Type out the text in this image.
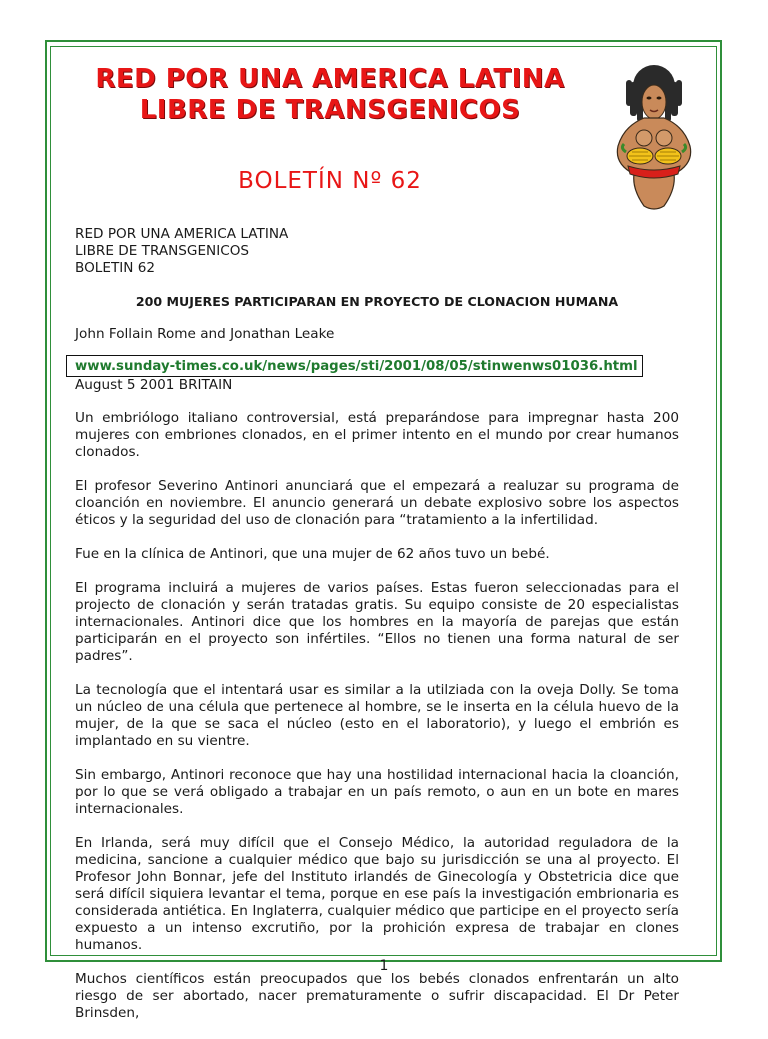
RED POR UNA AMERICA LATINA
LIBRE DE TRANSGENICOS
BOLETÍN Nº 62
RED POR UNA AMERICA LATINA
LIBRE DE TRANSGENICOS
BOLETIN 62
200 MUJERES PARTICIPARAN EN PROYECTO DE CLONACION HUMANA
John Follain Rome and Jonathan Leake
www.sunday-times.co.uk/news/pages/sti/2001/08/05/stinwenws01036.html
August 5 2001 BRITAIN

Un embriólogo italiano controversial, está preparándose para impregnar hasta 200 mujeres con embriones clonados, en el primer intento en el mundo por crear humanos clonados.

El profesor Severino Antinori anunciará que el empezará a realuzar su programa de cloanción en noviembre. El anuncio generará un debate explosivo sobre los aspectos éticos y la seguridad del uso de clonación para “tratamiento a la infertilidad.

Fue en la clínica de Antinori, que una mujer de 62 años tuvo un bebé.

El programa incluirá a mujeres de varios países. Estas fueron seleccionadas para el projecto de clonación y serán tratadas gratis. Su equipo consiste de 20 especialistas internacionales. Antinori dice que los hombres en la mayoría de parejas que están participarán en el proyecto son infértiles. “Ellos no tienen una forma natural de ser padres”.

La tecnología que el intentará usar es similar a la utilziada con la oveja Dolly. Se toma un núcleo de una célula que pertenece al hombre, se le inserta en la célula huevo de la mujer, de la que se saca el núcleo (esto en el laboratorio), y luego el embrión es implantado en su vientre.

Sin embargo, Antinori reconoce que hay una hostilidad internacional hacia la cloanción, por lo que se verá obligado a trabajar en un país remoto, o aun en un bote en mares internacionales.

En Irlanda, será muy difícil que el Consejo Médico, la autoridad reguladora de la medicina, sancione a cualquier médico que bajo su jurisdicción se una al proyecto. El Profesor John Bonnar, jefe del Instituto irlandés de Ginecología y Obstetricia dice que será difícil siquiera levantar el tema, porque en ese país la investigación embrionaria es considerada antiética. En Inglaterra, cualquier médico que participe en el proyecto sería expuesto a un intenso excrutiño, por la prohición expresa de trabajar en clones humanos.

Muchos científicos están preocupados que los bebés clonados enfrentarán un alto riesgo de ser abortado, nacer prematuramente o sufrir discapacidad. El Dr Peter Brinsden,

1
